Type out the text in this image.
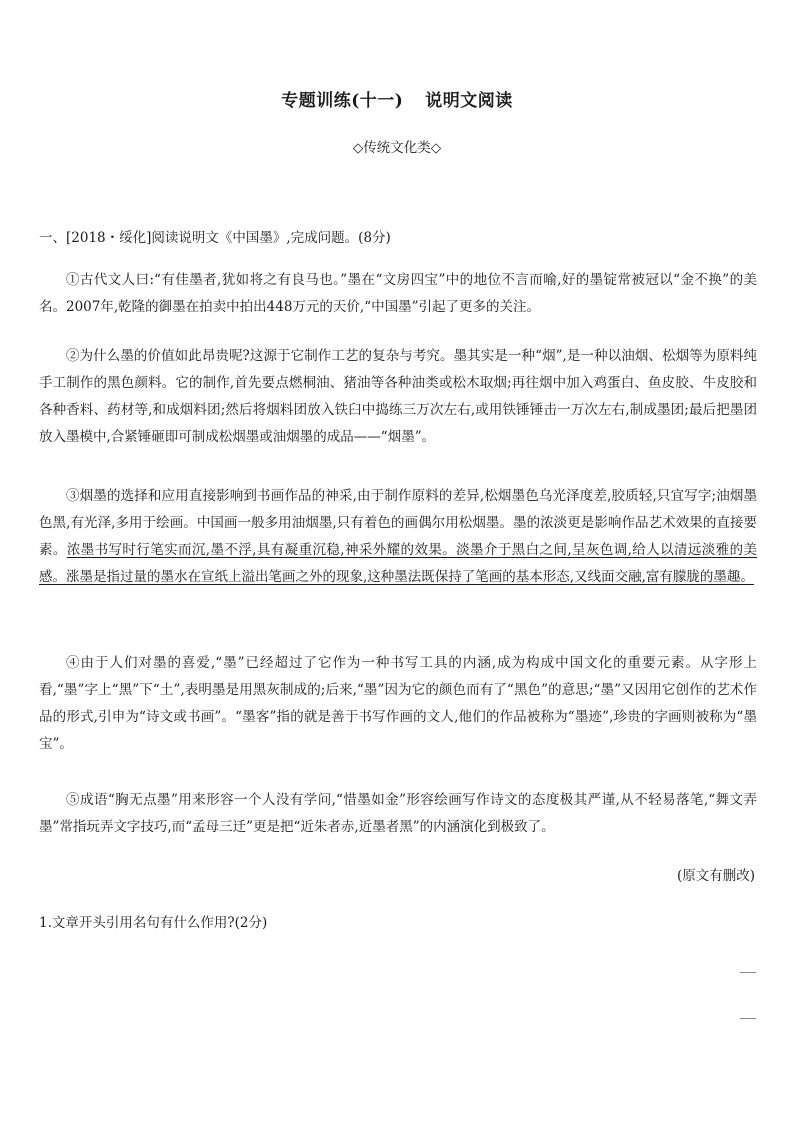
专题训练(十一) 说明文阅读
◇传统文化类◇
一、[2018・绥化]阅读说明文《中国墨》,完成问题。(8分)

①古代文人曰:“有佳墨者,犹如将之有良马也。”墨在“文房四宝”中的地位不言而喻,好的墨锭常被冠以“金不换”的美名。2007年,乾隆的御墨在拍卖中拍出448万元的天价,“中国墨”引起了更多的关注。

②为什么墨的价值如此昂贵呢?这源于它制作工艺的复杂与考究。墨其实是一种“烟”,是一种以油烟、松烟等为原料纯手工制作的黑色颜料。它的制作,首先要点燃桐油、猪油等各种油类或松木取烟;再往烟中加入鸡蛋白、鱼皮胶、牛皮胶和各种香料、药材等,和成烟料团;然后将烟料团放入铁臼中捣练三万次左右,或用铁锤锤击一万次左右,制成墨团;最后把墨团放入墨模中,合紧锤砸即可制成松烟墨或油烟墨的成品——“烟墨”。

③烟墨的选择和应用直接影响到书画作品的神采,由于制作原料的差异,松烟墨色乌光泽度差,胶质轻,只宜写字;油烟墨色黑,有光泽,多用于绘画。中国画一般多用油烟墨,只有着色的画偶尔用松烟墨。墨的浓淡更是影响作品艺术效果的直接要素。浓墨书写时行笔实而沉,墨不浮,具有凝重沉稳,神采外耀的效果。淡墨介于黑白之间,呈灰色调,给人以清远淡雅的美感。涨墨是指过量的墨水在宣纸上溢出笔画之外的现象,这种墨法既保持了笔画的基本形态,又线面交融,富有朦胧的墨趣。

④由于人们对墨的喜爱,“墨”已经超过了它作为一种书写工具的内涵,成为构成中国文化的重要元素。从字形上看,“墨”字上“黑”下“土”,表明墨是用黑灰制成的;后来,“墨”因为它的颜色而有了“黑色”的意思;“墨”又因用它创作的艺术作品的形式,引申为“诗文或书画”。“墨客”指的就是善于书写作画的文人,他们的作品被称为“墨迹”,珍贵的字画则被称为“墨宝”。

⑤成语“胸无点墨”用来形容一个人没有学问,“惜墨如金”形容绘画写作诗文的态度极其严谨,从不轻易落笔,“舞文弄墨”常指玩弄文字技巧,而“孟母三迁”更是把“近朱者赤,近墨者黑”的内涵演化到极致了。

(原文有删改)
1.文章开头引用名句有什么作用?(2分)
